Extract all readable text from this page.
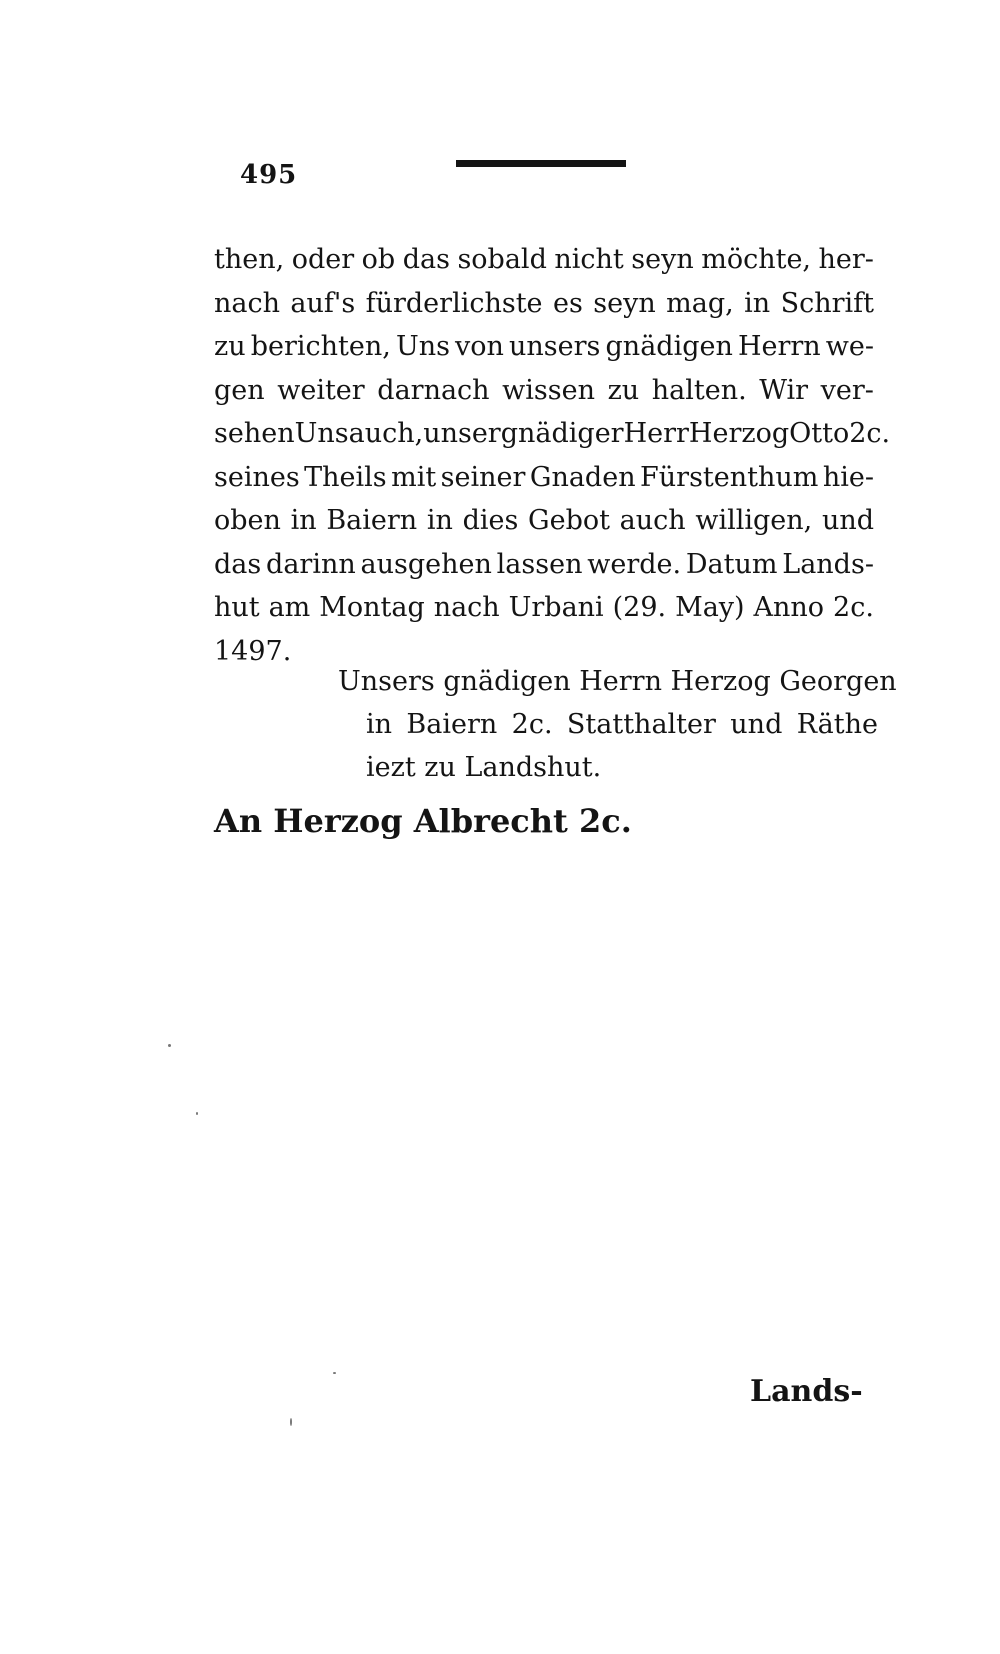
495
then, oder ob das sobald nicht seyn möchte, her-
nach auf's fürderlichste es seyn mag, in Schrift
zu berichten, Uns von unsers gnädigen Herrn we-
gen weiter darnach wissen zu halten. Wir ver-
sehen Uns auch, unser gnädiger Herr Herzog Otto 2c.
seines Theils mit seiner Gnaden Fürstenthum hie-
oben in Baiern in dies Gebot auch willigen, und
das darinn ausgehen lassen werde. Datum Lands-
hut am Montag nach Urbani (29. May) Anno 2c.
1497.
Unsers gnädigen Herrn Herzog Georgen
in Baiern 2c. Statthalter und Räthe
iezt zu Landshut.
An Herzog Albrecht 2c.
Lands-
